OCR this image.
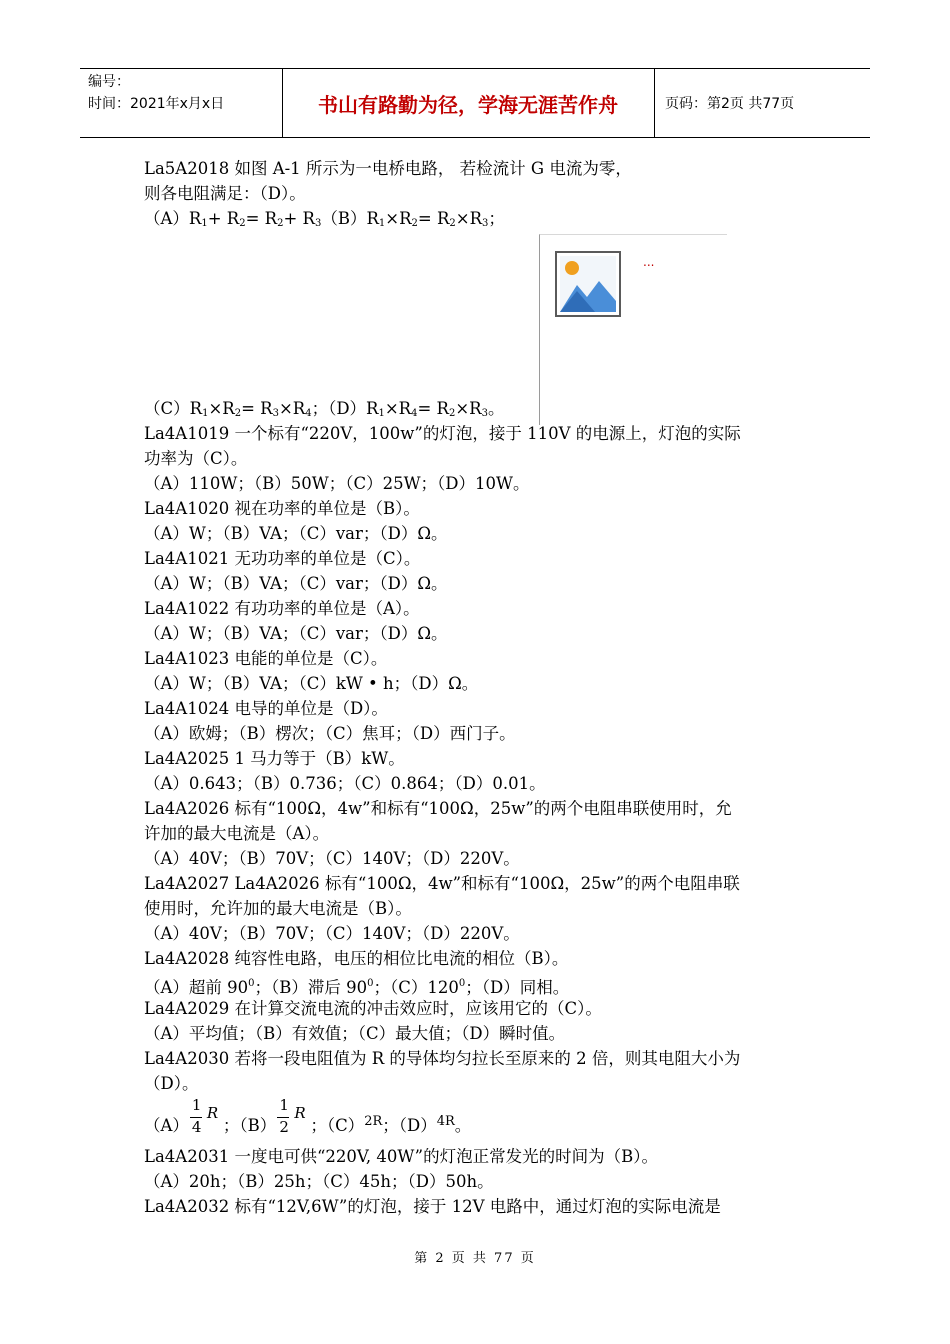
编号：
时间：2021年x月x日	书山有路勤为径，学海无涯苦作舟	页码：第2页 共77页
...
La5A2018 如图 A-1 所示为一电桥电路， 若检流计 G 电流为零，
则各电阻满足：（D）。
$(A)R_1+ R_2= R_2+ R_3(B)R_1\times R_2= R_2\times R_3$；
$(C)R_1\times R_2= R_3\times R_4$；$(D)R_1\times R_4= R_2\times R_3$。
La4A1019 一个标有“220V，100w”的灯泡，接于 110V 的电源上，灯泡的实际
功率为（C）。
（A）110W；（B）50W；（C）25W；（D）10W。
La4A1020 视在功率的单位是（B）。
（A）W；（B）VA；（C）var；（D）Ω。
La4A1021 无功功率的单位是（C）。
（A）W；（B）VA；（C）var；（D）Ω。
La4A1022 有功功率的单位是（A）。
（A）W；（B）VA；（C）var；（D）Ω。
La4A1023 电能的单位是（C）。
（A）W；（B）VA；（C）kW • h；（D）Ω。
La4A1024 电导的单位是（D）。
（A）欧姆；（B）楞次；（C）焦耳；（D）西门子。
La4A2025 1 马力等于（B）kW。
（A）0.643；（B）0.736；（C）0.864；（D）0.01。
La4A2026 标有“100Ω，4w”和标有“100Ω，25w”的两个电阻串联使用时，允
许加的最大电流是（A）。
（A）40V；（B）70V；（C）140V；（D）220V。
La4A2027 La4A2026 标有“100Ω，4w”和标有“100Ω，25w”的两个电阻串联
使用时，允许加的最大电流是（B）。
（A）40V；（B）70V；（C）140V；（D）220V。
La4A2028 纯容性电路，电压的相位比电流的相位（B）。
（A）超前 $90^0$；（B）滞后 $90^0$；$(C)120^0$；（D）同相。
La4A2029 在计算交流电流的冲击效应时，应该用它的（C）。
（A）平均值；（B）有效值；（C）最大值；（D）瞬时值。
La4A2030 若将一段电阻值为 R 的导体均匀拉长至原来的 2 倍，则其电阻大小为
（D）。
（A）
1
4
R
；（B）
1
2
R
；$(C)^{2R}$；$(D)^{4R}$。
La4A2031 一度电可供“220V, 40W”的灯泡正常发光的时间为（B）。
（A）20h；（B）25h；（C）45h；（D）50h。
La4A2032 标有“12V,6W”的灯泡，接于 12V 电路中，通过灯泡的实际电流是
第 2 页 共 77 页
